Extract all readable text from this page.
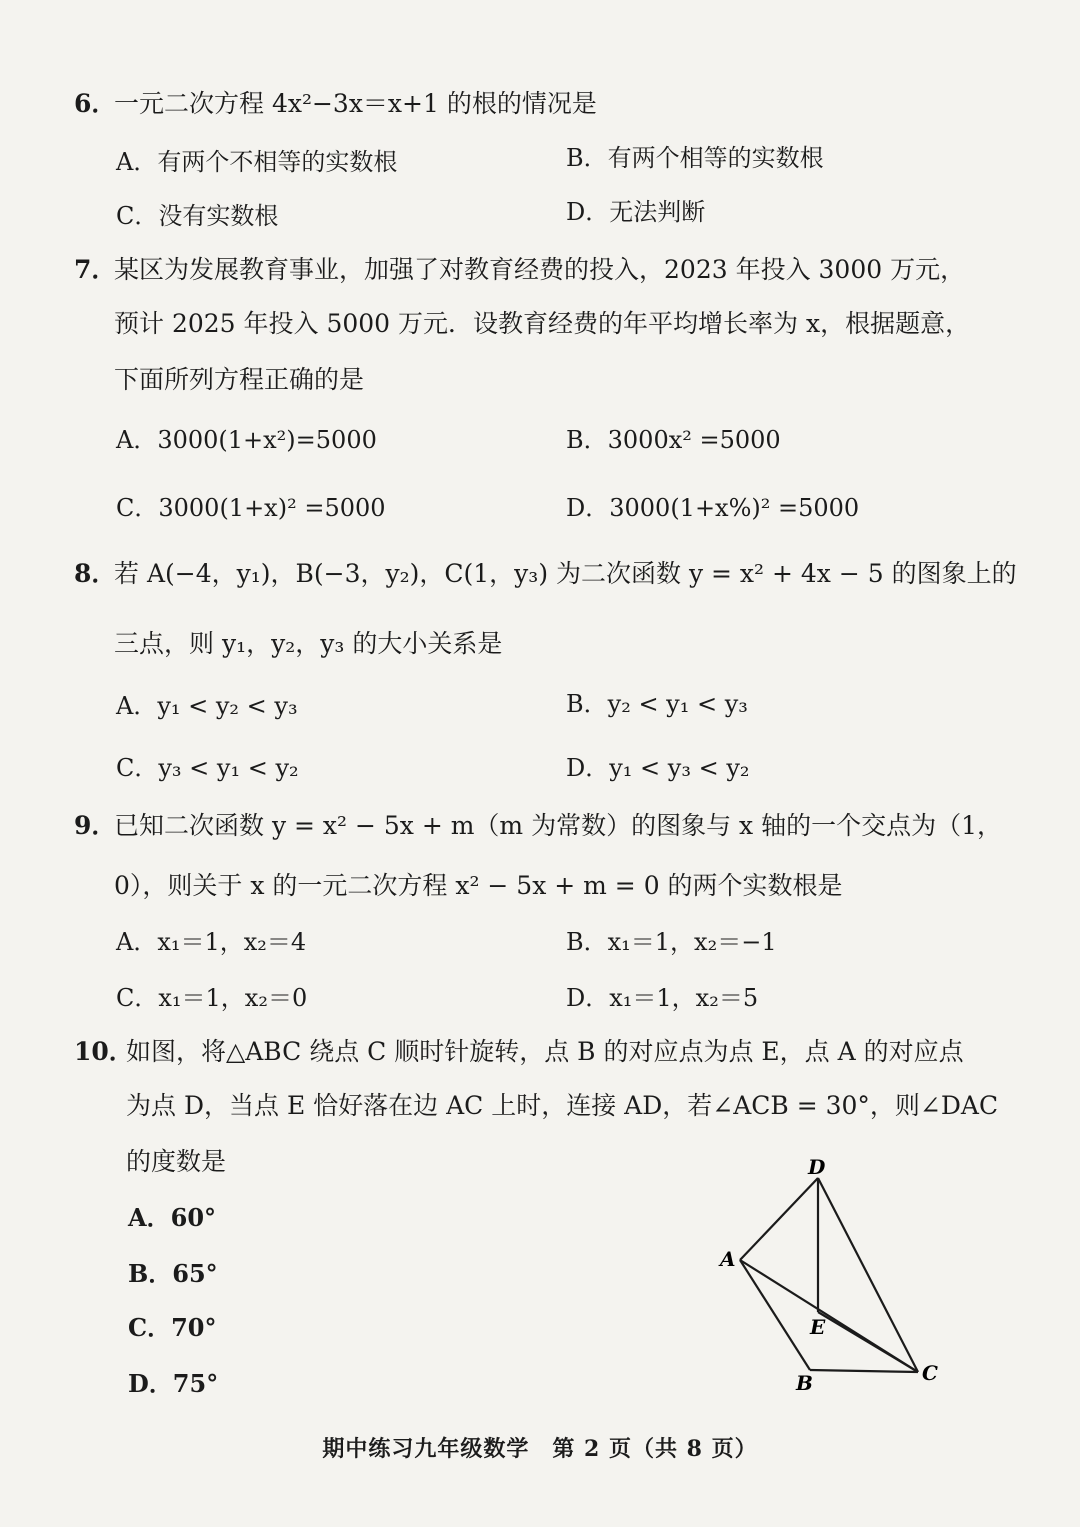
6．
一元二次方程 4x²−3x＝x+1 的根的情况是
A．有两个不相等的实数根	B．有两个相等的实数根
C．没有实数根	D．无法判断
7．
某区为发展教育事业，加强了对教育经费的投入，2023 年投入 3000 万元，
预计 2025 年投入 5000 万元．设教育经费的年平均增长率为 x，根据题意，
下面所列方程正确的是
A．3000(1+x²)=5000	B．3000x² =5000
C．3000(1+x)² =5000	D．3000(1+x%)² =5000
8．
若 A(−4，y₁)，B(−3，y₂)，C(1，y₃) 为二次函数 y = x² + 4x − 5 的图象上的
三点，则 y₁，y₂，y₃ 的大小关系是
A．y₁ < y₂ < y₃	B．y₂ < y₁ < y₃
C．y₃ < y₁ < y₂	D．y₁ < y₃ < y₂
9．
已知二次函数 y = x² − 5x + m（m 为常数）的图象与 x 轴的一个交点为（1，
0），则关于 x 的一元二次方程 x² − 5x + m = 0 的两个实数根是
A．x₁＝1，x₂＝4	B．x₁＝1，x₂＝−1
C．x₁＝1，x₂＝0	D．x₁＝1，x₂＝5
10．
如图，将△ABC 绕点 C 顺时针旋转，点 B 的对应点为点 E，点 A 的对应点
为点 D，当点 E 恰好落在边 AC 上时，连接 AD，若∠ACB = 30°，则∠DAC
的度数是
A．60°
B．65°
C．70°
D．75°
D
A
E
B	C
期中练习九年级数学　第 2 页（共 8 页）
